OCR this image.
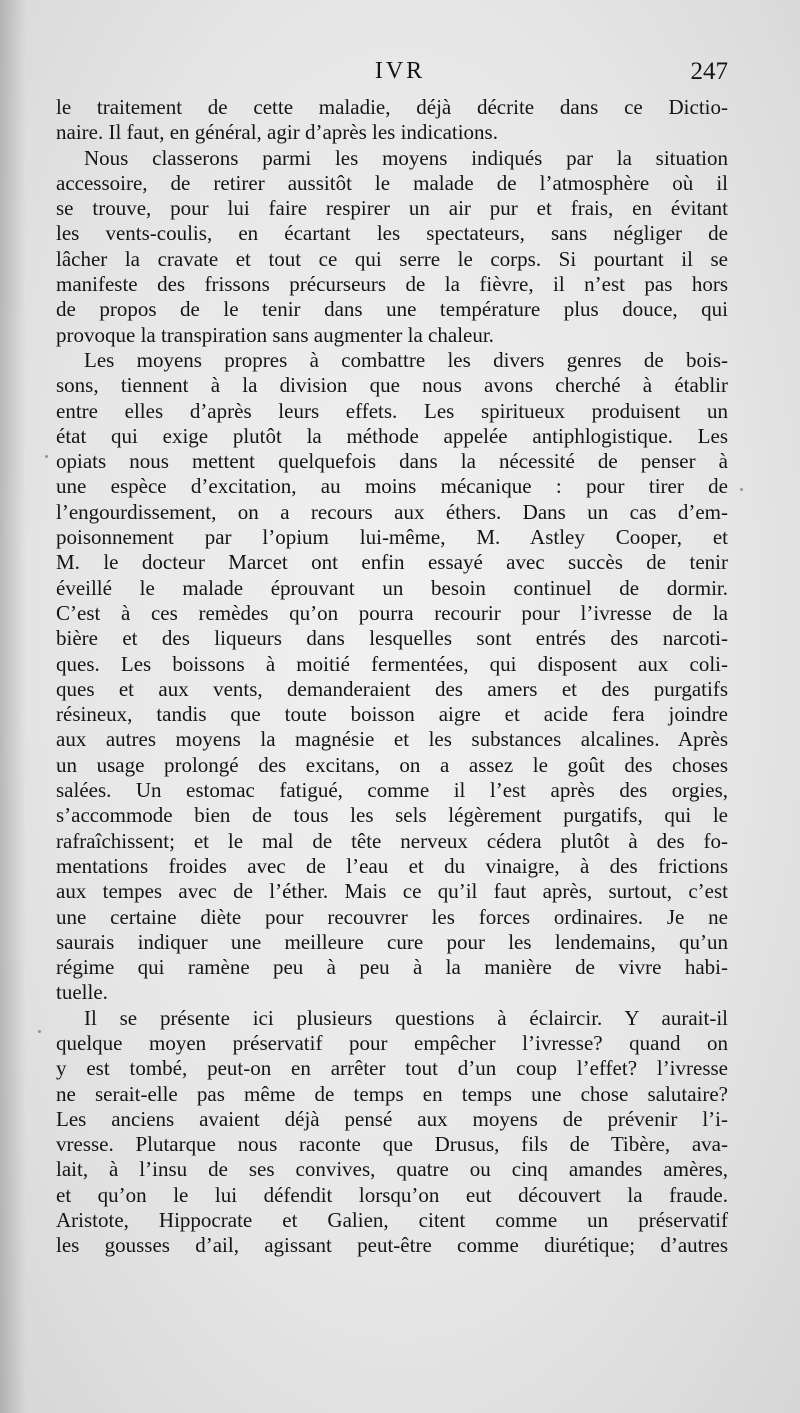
IVR	247
le traitement de cette maladie, déjà décrite dans ce Dictio-
naire. Il faut, en général, agir d’après les indications.
Nous classerons parmi les moyens indiqués par la situation
accessoire, de retirer aussitôt le malade de l’atmosphère où il
se trouve, pour lui faire respirer un air pur et frais, en évitant
les vents-coulis, en écartant les spectateurs, sans négliger de
lâcher la cravate et tout ce qui serre le corps. Si pourtant il se
manifeste des frissons précurseurs de la fièvre, il n’est pas hors
de propos de le tenir dans une température plus douce, qui
provoque la transpiration sans augmenter la chaleur.
Les moyens propres à combattre les divers genres de bois-
sons, tiennent à la division que nous avons cherché à établir
entre elles d’après leurs effets. Les spiritueux produisent un
état qui exige plutôt la méthode appelée antiphlogistique. Les
opiats nous mettent quelquefois dans la nécessité de penser à
une espèce d’excitation, au moins mécanique : pour tirer de
l’engourdissement, on a recours aux éthers. Dans un cas d’em-
poisonnement par l’opium lui-même, M. Astley Cooper, et
M. le docteur Marcet ont enfin essayé avec succès de tenir
éveillé le malade éprouvant un besoin continuel de dormir.
C’est à ces remèdes qu’on pourra recourir pour l’ivresse de la
bière et des liqueurs dans lesquelles sont entrés des narcoti-
ques. Les boissons à moitié fermentées, qui disposent aux coli-
ques et aux vents, demanderaient des amers et des purgatifs
résineux, tandis que toute boisson aigre et acide fera joindre
aux autres moyens la magnésie et les substances alcalines. Après
un usage prolongé des excitans, on a assez le goût des choses
salées. Un estomac fatigué, comme il l’est après des orgies,
s’accommode bien de tous les sels légèrement purgatifs, qui le
rafraîchissent; et le mal de tête nerveux cédera plutôt à des fo-
mentations froides avec de l’eau et du vinaigre, à des frictions
aux tempes avec de l’éther. Mais ce qu’il faut après, surtout, c’est
une certaine diète pour recouvrer les forces ordinaires. Je ne
saurais indiquer une meilleure cure pour les lendemains, qu’un
régime qui ramène peu à peu à la manière de vivre habi-
tuelle.
Il se présente ici plusieurs questions à éclaircir. Y aurait-il
quelque moyen préservatif pour empêcher l’ivresse? quand on
y est tombé, peut-on en arrêter tout d’un coup l’effet? l’ivresse
ne serait-elle pas même de temps en temps une chose salutaire?
Les anciens avaient déjà pensé aux moyens de prévenir l’i-
vresse. Plutarque nous raconte que Drusus, fils de Tibère, ava-
lait, à l’insu de ses convives, quatre ou cinq amandes amères,
et qu’on le lui défendit lorsqu’on eut découvert la fraude.
Aristote, Hippocrate et Galien, citent comme un préservatif
les gousses d’ail, agissant peut-être comme diurétique; d’autres
